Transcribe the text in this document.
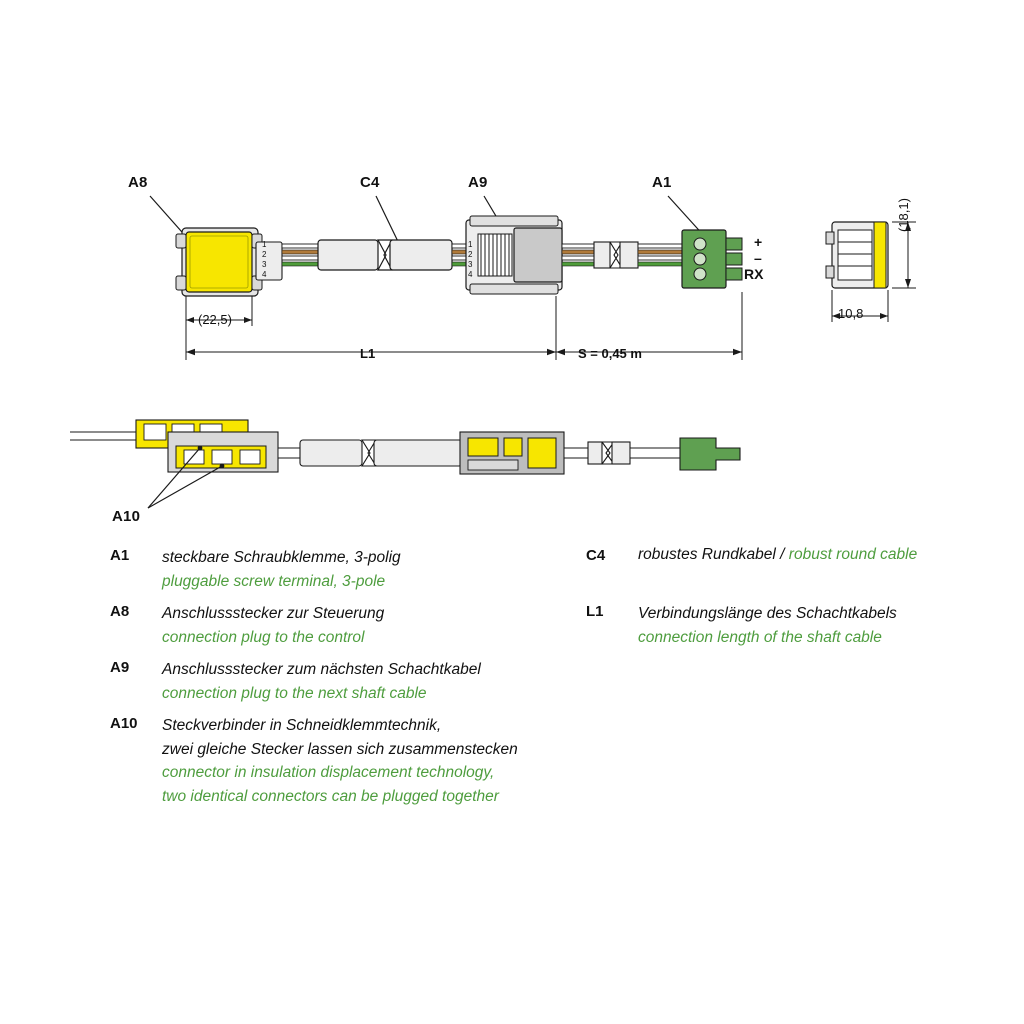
1
2
3
4
1
2
3
4
A8	C4	A9	A1
A10
(22,5)
L1	S = 0,45 m
(18,1)
10,8
+
–
RX
A1	steckbare Schraubklemme, 3-polig
pluggable screw terminal, 3-pole
A8	Anschlussstecker zur Steuerung
connection plug to the control
A9	Anschlussstecker zum nächsten Schachtkabel
connection plug to the next shaft cable
A10	Steckverbinder in Schneidklemmtechnik,
zwei gleiche Stecker lassen sich zusammenstecken
connector in insulation displacement technology,
two identical connectors can be plugged together
C4	robustes Rundkabel / robust round cable
L1	Verbindungslänge des Schachtkabels
connection length of the shaft cable
